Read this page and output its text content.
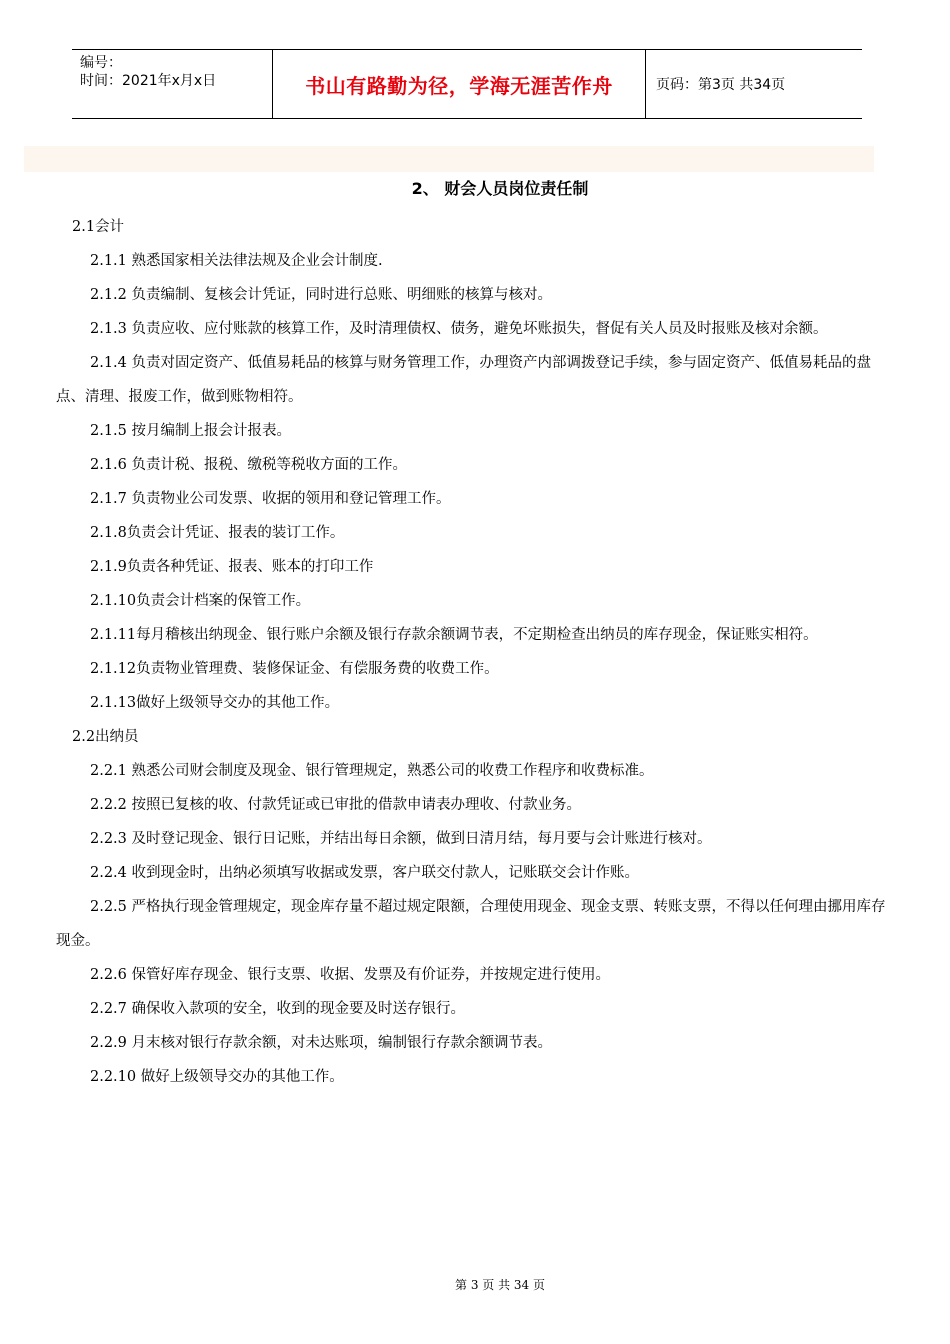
编号：
时间：2021年x月x日	书山有路勤为径，学海无涯苦作舟	页码：第3页 共34页
2、 财会人员岗位责任制
2.1会计

2.1.1 熟悉国家相关法律法规及企业会计制度.

2.1.2 负责编制、复核会计凭证，同时进行总账、明细账的核算与核对。

2.1.3 负责应收、应付账款的核算工作，及时清理债权、债务，避免坏账损失，督促有关人员及时报账及核对余额。

2.1.4 负责对固定资产、低值易耗品的核算与财务管理工作，办理资产内部调拨登记手续，参与固定资产、低值易耗品的盘点、清理、报废工作，做到账物相符。

2.1.5 按月编制上报会计报表。

2.1.6 负责计税、报税、缴税等税收方面的工作。

2.1.7 负责物业公司发票、收据的领用和登记管理工作。

2.1.8负责会计凭证、报表的装订工作。

2.1.9负责各种凭证、报表、账本的打印工作

2.1.10负责会计档案的保管工作。

2.1.11每月稽核出纳现金、银行账户余额及银行存款余额调节表，不定期检查出纳员的库存现金，保证账实相符。

2.1.12负责物业管理费、装修保证金、有偿服务费的收费工作。

2.1.13做好上级领导交办的其他工作。

2.2出纳员

2.2.1 熟悉公司财会制度及现金、银行管理规定，熟悉公司的收费工作程序和收费标准。

2.2.2 按照已复核的收、付款凭证或已审批的借款申请表办理收、付款业务。

2.2.3 及时登记现金、银行日记账，并结出每日余额，做到日清月结，每月要与会计账进行核对。

2.2.4 收到现金时，出纳必须填写收据或发票，客户联交付款人，记账联交会计作账。

2.2.5 严格执行现金管理规定，现金库存量不超过规定限额，合理使用现金、现金支票、转账支票，不得以任何理由挪用库存现金。

2.2.6 保管好库存现金、银行支票、收据、发票及有价证券，并按规定进行使用。

2.2.7 确保收入款项的安全，收到的现金要及时送存银行。

2.2.9 月末核对银行存款余额，对未达账项，编制银行存款余额调节表。

2.2.10 做好上级领导交办的其他工作。

第 3 页 共 34 页
